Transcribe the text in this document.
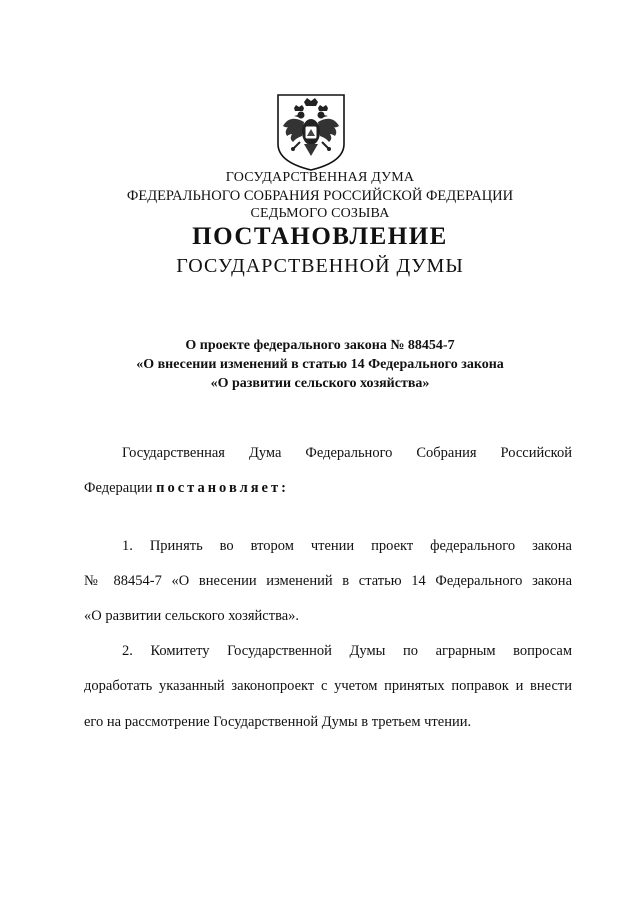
ГОСУДАРСТВЕННАЯ ДУМА
ФЕДЕРАЛЬНОГО СОБРАНИЯ РОССИЙСКОЙ ФЕДЕРАЦИИ
СЕДЬМОГО СОЗЫВА
ПОСТАНОВЛЕНИЕ
ГОСУДАРСТВЕННОЙ ДУМЫ
О проекте федерального закона № 88454-7
«О внесении изменений в статью 14 Федерального закона
«О развитии сельского хозяйства»
Государственная Дума Федерального Собрания Российской
Федерации постановляет:
1. Принять во втором чтении проект федерального закона
№ 88454-7 «О внесении изменений в статью 14 Федерального закона
«О развитии сельского хозяйства».
2. Комитету Государственной Думы по аграрным вопросам
доработать указанный законопроект с учетом принятых поправок и внести
его на рассмотрение Государственной Думы в третьем чтении.
